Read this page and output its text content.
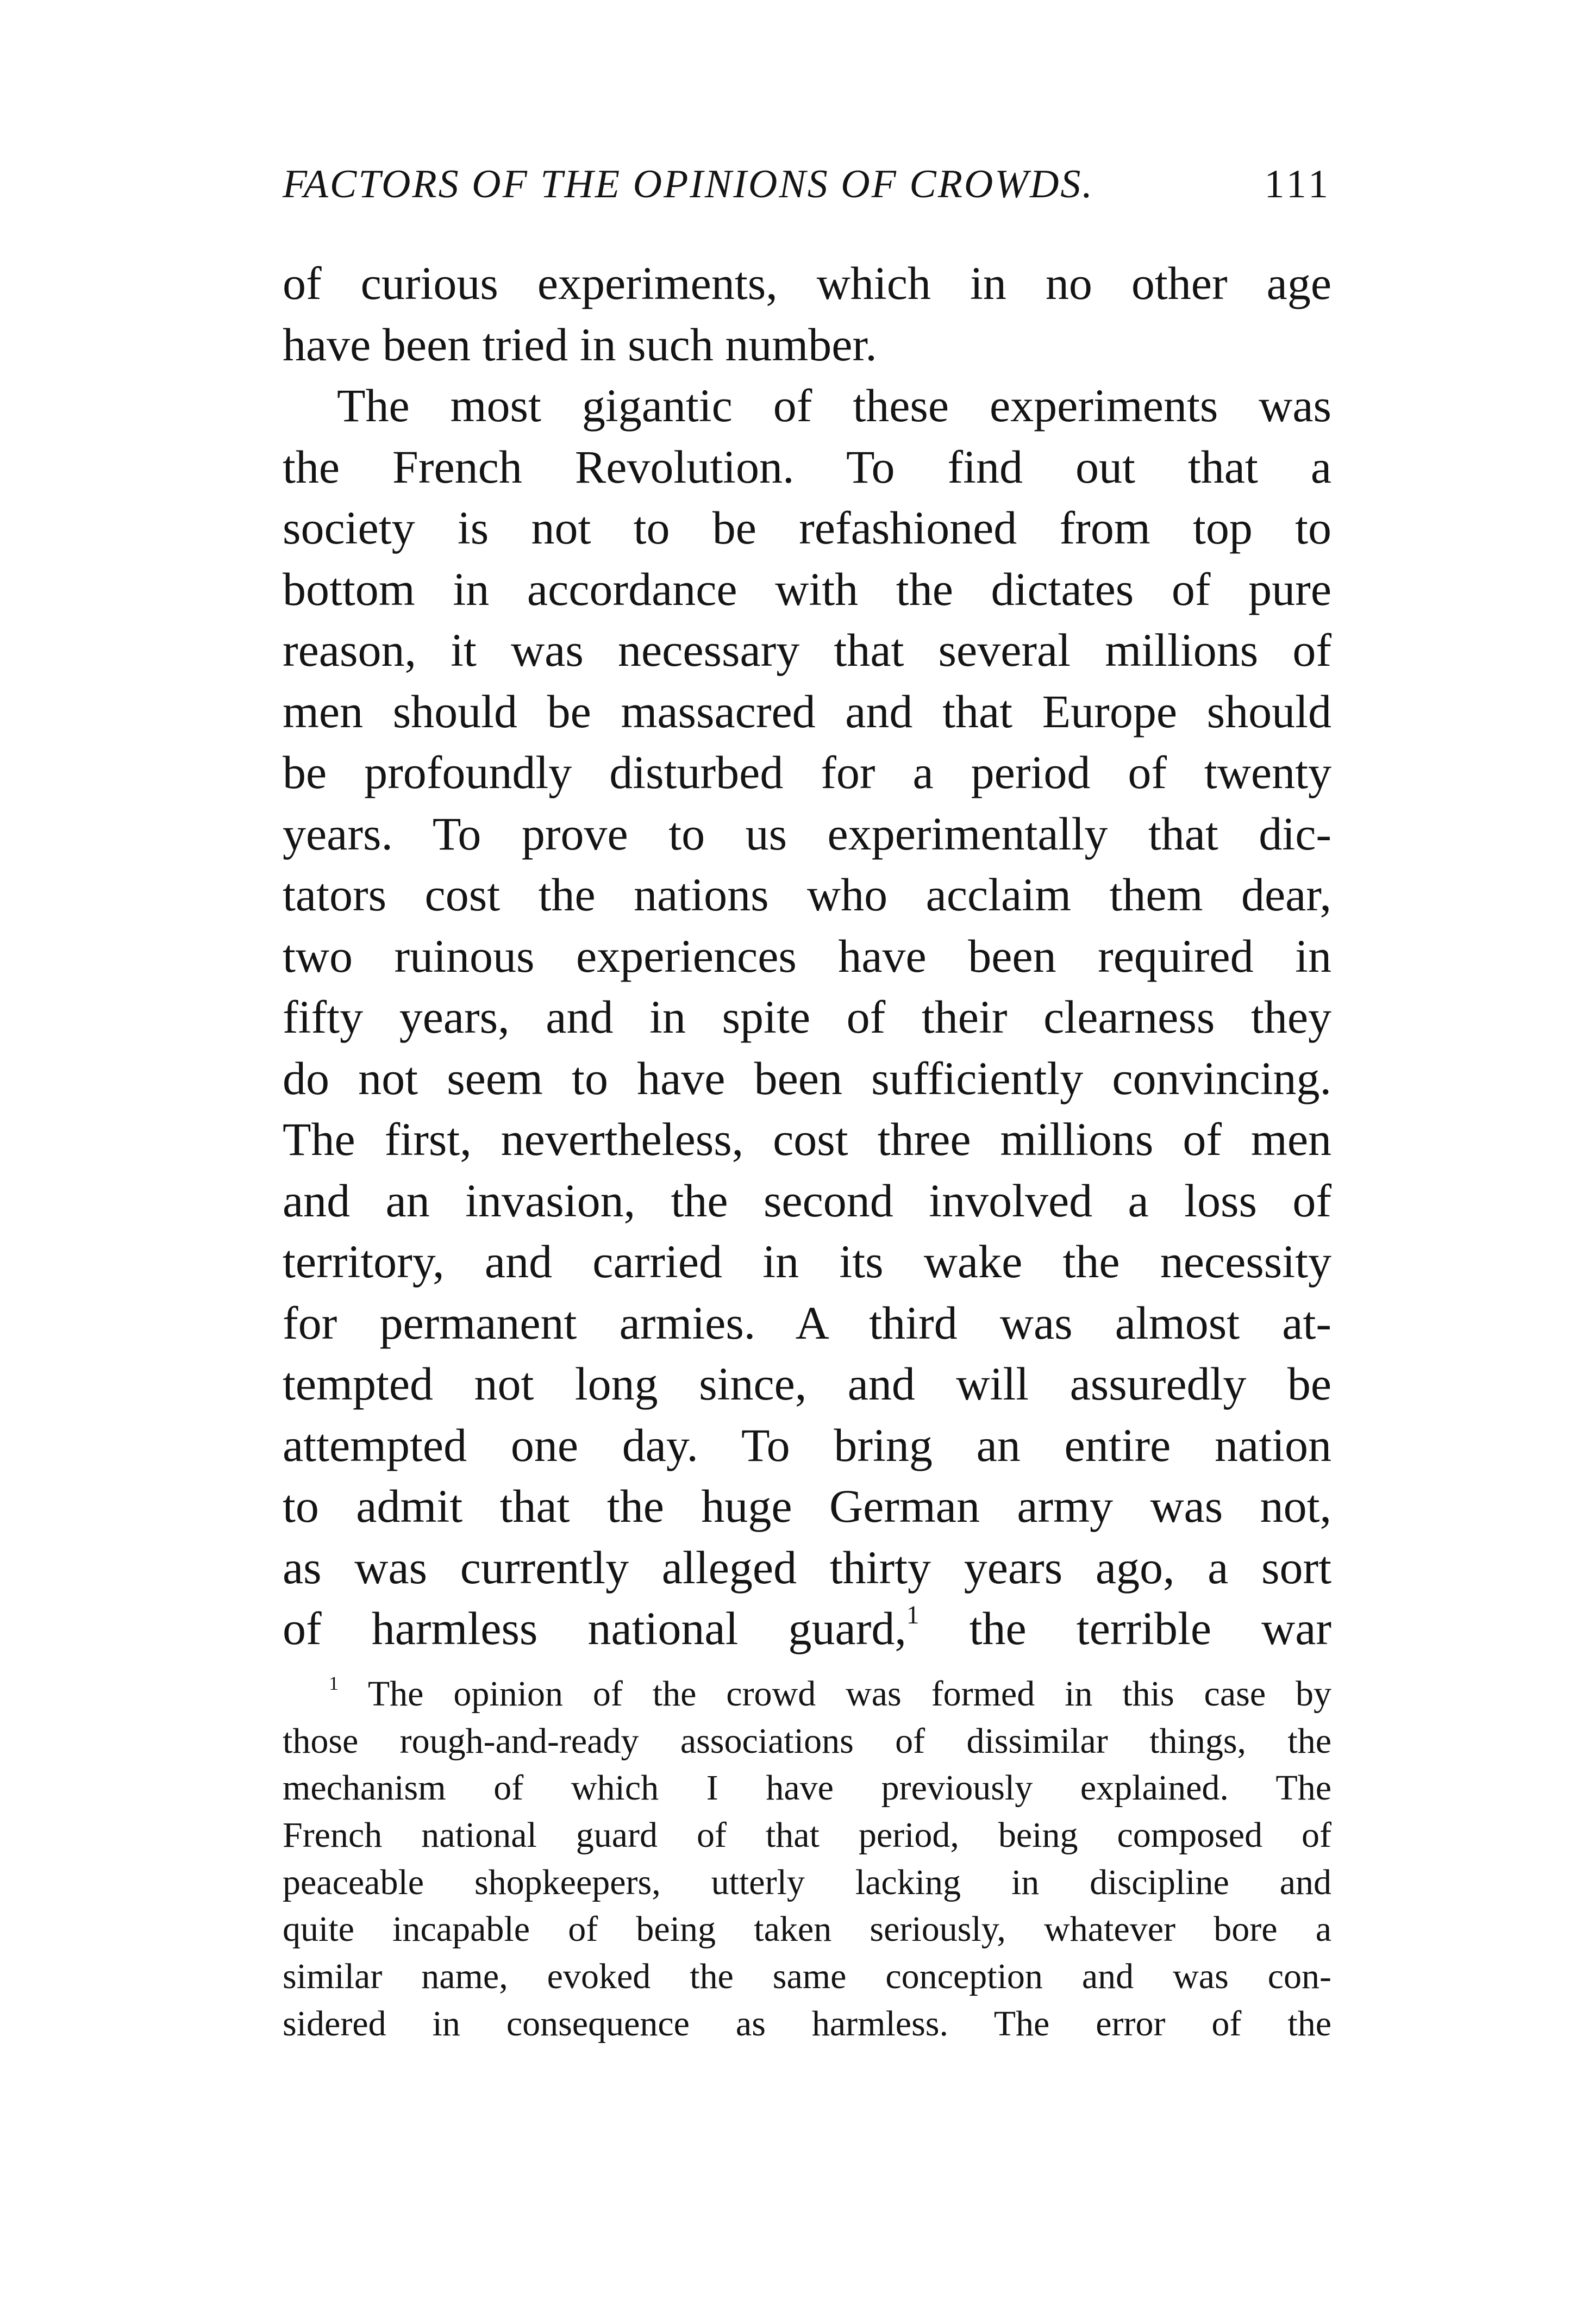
FACTORS OF THE OPINIONS OF CROWDS.	111
of curious experiments, which in no other age
have been tried in such number.
The most gigantic of these experiments was
the French Revolution. To find out that a
society is not to be refashioned from top to
bottom in accordance with the dictates of pure
reason, it was necessary that several millions of
men should be massacred and that Europe should
be profoundly disturbed for a period of twenty
years. To prove to us experimentally that dic-
tators cost the nations who acclaim them dear,
two ruinous experiences have been required in
fifty years, and in spite of their clearness they
do not seem to have been sufficiently convincing.
The first, nevertheless, cost three millions of men
and an invasion, the second involved a loss of
territory, and carried in its wake the necessity
for permanent armies. A third was almost at-
tempted not long since, and will assuredly be
attempted one day. To bring an entire nation
to admit that the huge German army was not,
as was currently alleged thirty years ago, a sort
of harmless national guard,$^1$ the terrible war
$^1$ The opinion of the crowd was formed in this case by
those rough-and-ready associations of dissimilar things, the
mechanism of which I have previously explained. The
French national guard of that period, being composed of
peaceable shopkeepers, utterly lacking in discipline and
quite incapable of being taken seriously, whatever bore a
similar name, evoked the same conception and was con-
sidered in consequence as harmless. The error of the
